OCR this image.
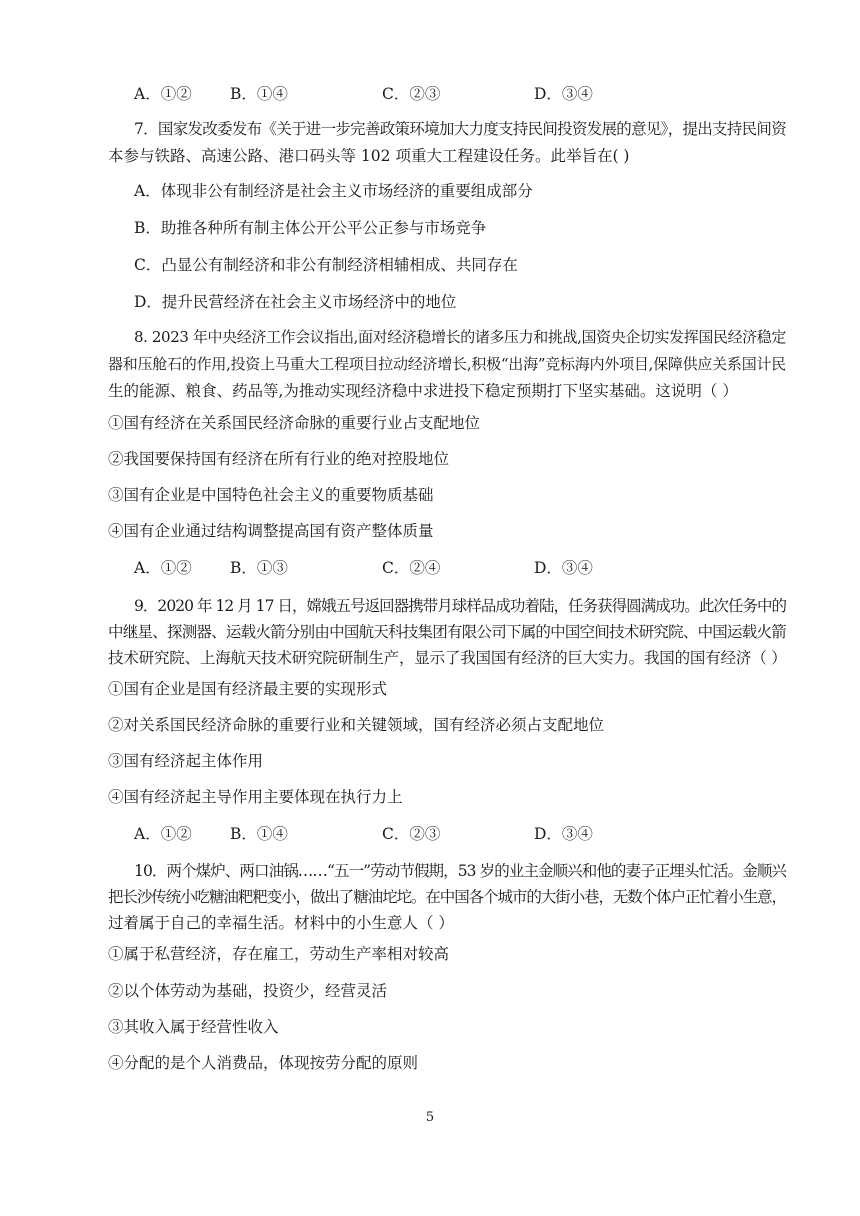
A．①② B．①④	C．②③	D．③④
7．国家发改委发布《关于进一步完善政策环境加大力度支持民间投资发展的意见》，提出支持民间资
本参与铁路、高速公路、港口码头等 102 项重大工程建设任务。此举旨在( )
A．体现非公有制经济是社会主义市场经济的重要组成部分
B．助推各种所有制主体公开公平公正参与市场竞争
C．凸显公有制经济和非公有制经济相辅相成、共同存在
D．提升民营经济在社会主义市场经济中的地位
8. 2023 年中央经济工作会议指出,面对经济稳增长的诸多压力和挑战,国资央企切实发挥国民经济稳定
器和压舱石的作用,投资上马重大工程项目拉动经济增长,积极“出海”竞标海内外项目,保障供应关系国计民
生的能源、粮食、药品等,为推动实现经济稳中求进投下稳定预期打下坚实基础。这说明（ ）
①国有经济在关系国民经济命脉的重要行业占支配地位
②我国要保持国有经济在所有行业的绝对控股地位
③国有企业是中国特色社会主义的重要物质基础
④国有企业通过结构调整提高国有资产整体质量
A．①② B．①③	C．②④	D．③④
9．2020 年 12 月 17 日，嫦娥五号返回器携带月球样品成功着陆，任务获得圆满成功。此次任务中的
中继星、探测器、运载火箭分别由中国航天科技集团有限公司下属的中国空间技术研究院、中国运载火箭
技术研究院、上海航天技术研究院研制生产，显示了我国国有经济的巨大实力。我国的国有经济（ ）
①国有企业是国有经济最主要的实现形式
②对关系国民经济命脉的重要行业和关键领域，国有经济必须占支配地位
③国有经济起主体作用
④国有经济起主导作用主要体现在执行力上
A．①② B．①④	C．②③	D．③④
10．两个煤炉、两口油锅……“五一”劳动节假期，53 岁的业主金顺兴和他的妻子正埋头忙活。金顺兴
把长沙传统小吃糖油粑粑变小，做出了糖油坨坨。在中国各个城市的大街小巷，无数个体户正忙着小生意，
过着属于自己的幸福生活。材料中的小生意人（ ）
①属于私营经济，存在雇工，劳动生产率相对较高
②以个体劳动为基础，投资少，经营灵活
③其收入属于经营性收入
④分配的是个人消费品，体现按劳分配的原则
5
